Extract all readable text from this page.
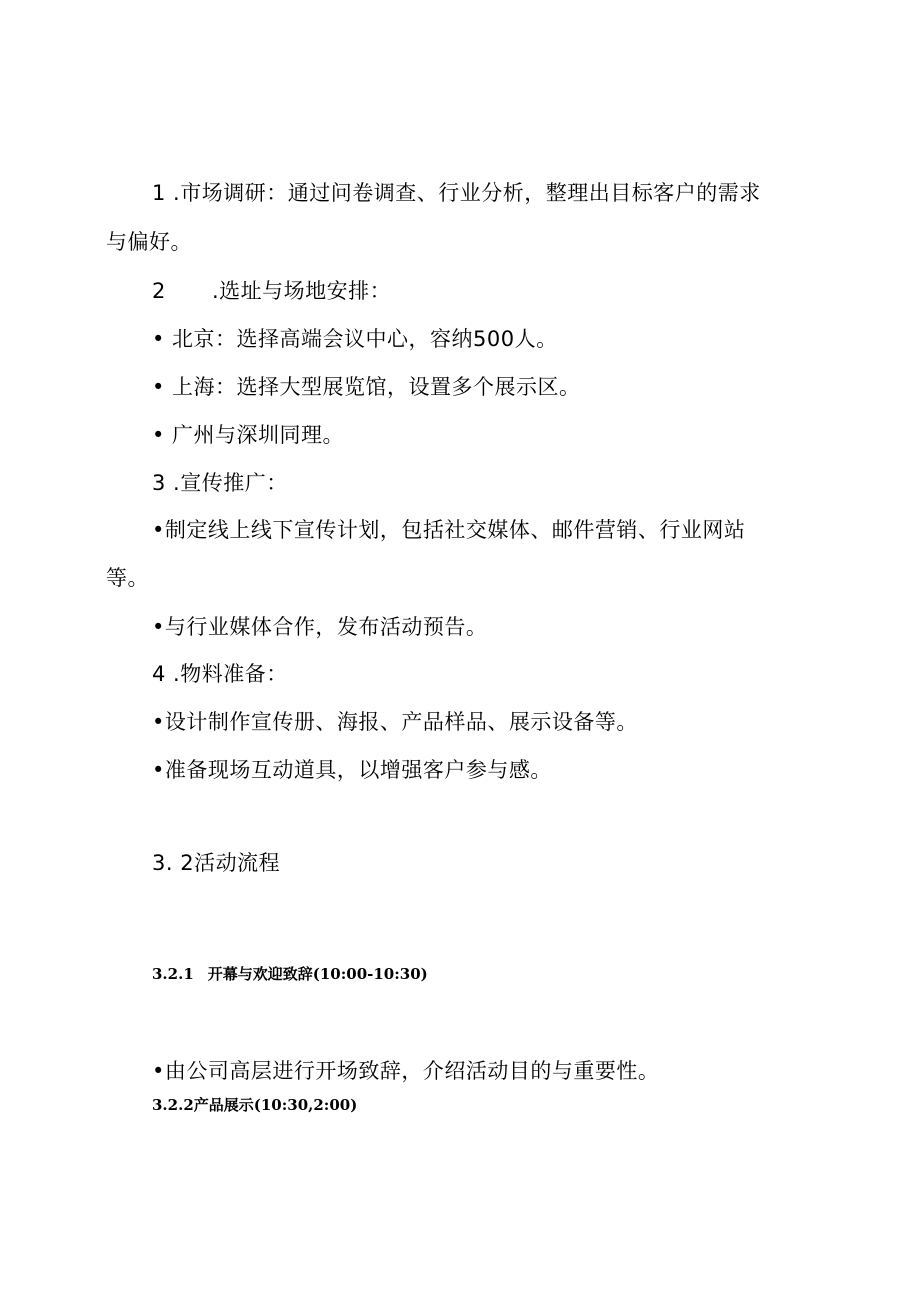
1 .市场调研：通过问卷调查、行业分析，整理出目标客户的需求
与偏好。
2 .选址与场地安排：
• 北京：选择高端会议中心，容纳500人。
• 上海：选择大型展览馆，设置多个展示区。
• 广州与深圳同理。
3 .宣传推广：
•制定线上线下宣传计划，包括社交媒体、邮件营销、行业网站
等。
•与行业媒体合作，发布活动预告。
4 .物料准备：
•设计制作宣传册、海报、产品样品、展示设备等。
•准备现场互动道具，以增强客户参与感。
3. 2活动流程
3.2.1 开幕与欢迎致辞(10:00-10:30)
•由公司高层进行开场致辞，介绍活动目的与重要性。
3.2.2产品展示(10:30,2:00)
